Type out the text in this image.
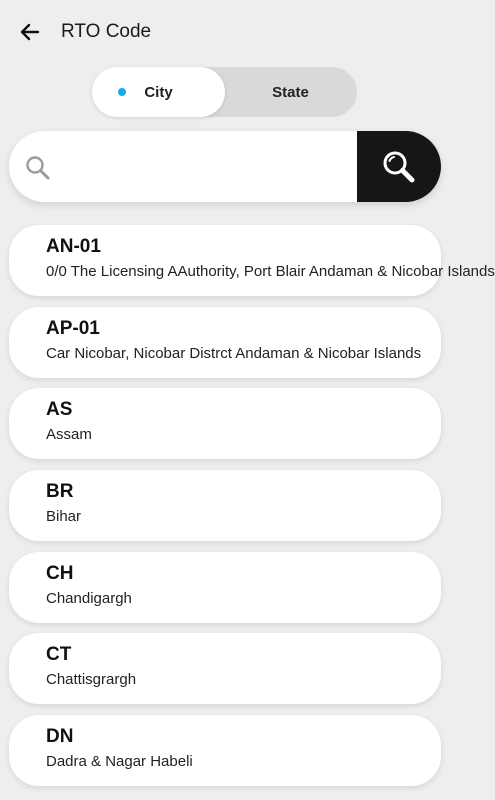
RTO Code
City	State
AN-01
0/0 The Licensing AAuthority, Port Blair Andaman & Nicobar Islands
AP-01
Car Nicobar, Nicobar Distrct Andaman & Nicobar Islands
AS
Assam
BR
Bihar
CH
Chandigargh
CT
Chattisgrargh
DN
Dadra & Nagar Habeli
